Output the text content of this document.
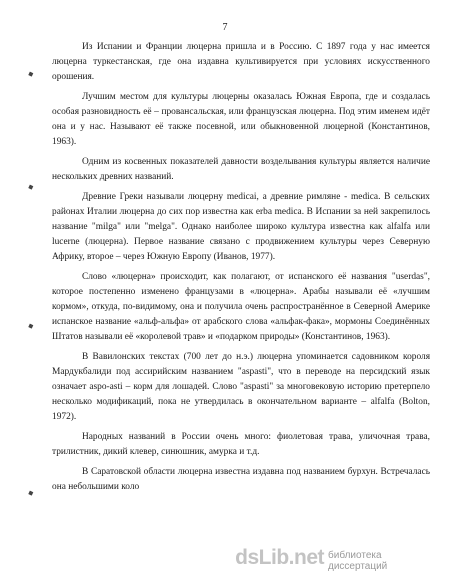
7
◆
◆
◆
◆

Из Испании и Франции люцерна пришла и в Россию. С 1897 года у нас имеется люцерна туркестанская, где она издавна культивируется при условиях искусственного орошения.

Лучшим местом для культуры люцерны оказалась Южная Европа, где и создалась особая разновидность её – провансальская, или французская люцерна. Под этим именем идёт она и у нас. Называют её также посевной, или обыкновенной люцерной (Константинов, 1963).

Одним из косвенных показателей давности возделывания культуры является наличие нескольких древних названий.

Древние Греки называли люцерну medicai, а древние римляне - medica. В сельских районах Италии люцерна до сих пор известна как erba medica. В Испании за ней закрепилось название "milga" или "melga". Однако наиболее широко культура известна как alfalfa или lucerne (люцерна). Первое название связано с продвижением культуры через Северную Африку, второе – через Южную Европу (Иванов, 1977).

Слово «люцерна» происходит, как полагают, от испанского её названия "userdas", которое постепенно изменено французами в «люцерна». Арабы называли её «лучшим кормом», откуда, по-видимому, она и получила очень распространённое в Северной Америке испанское название «альф-альфа» от арабского слова «альфак-фака», мормоны Соединённых Штатов называли её «королевой трав» и «подарком природы» (Константинов, 1963).

В Вавилонских текстах (700 лет до н.э.) люцерна упоминается садовником короля Мардукбалиди под ассирийским названием "aspasti", что в переводе на персидский язык означает aspo-asti – корм для лошадей. Слово "aspasti" за многовековую историю претерпело несколько модификаций, пока не утвердилась в окончательном варианте – alfalfa (Bolton, 1972).

Народных названий в России очень много: фиолетовая трава, уличочная трава, трилистник, дикий клевер, синюшник, амурка и т.д.

В Саратовской области люцерна известна издавна под названием бурхун. Встречалась она небольшими коло

dsLib.net библиотека диссертаций
